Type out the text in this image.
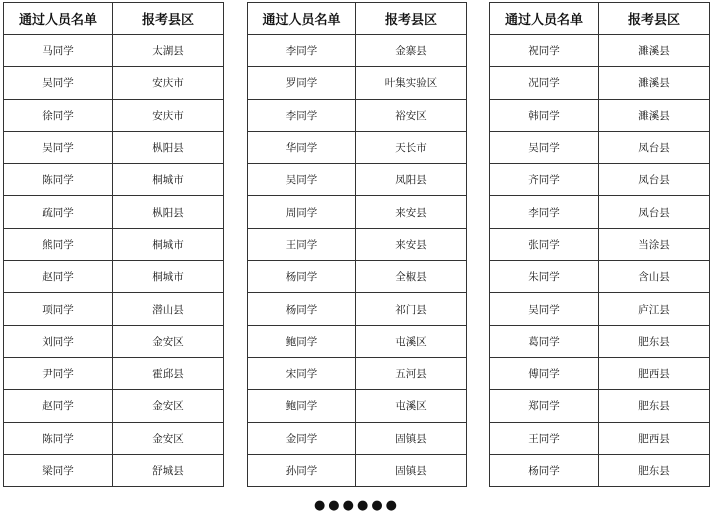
通过人员名单	报考县区
马同学	太湖县
吴同学	安庆市
徐同学	安庆市
吴同学	枞阳县
陈同学	桐城市
疏同学	枞阳县
熊同学	桐城市
赵同学	桐城市
项同学	潜山县
刘同学	金安区
尹同学	霍邱县
赵同学	金安区
陈同学	金安区
梁同学	舒城县
通过人员名单	报考县区
李同学	金寨县
罗同学	叶集实验区
李同学	裕安区
华同学	天长市
吴同学	凤阳县
周同学	来安县
王同学	来安县
杨同学	全椒县
杨同学	祁门县
鲍同学	屯溪区
宋同学	五河县
鲍同学	屯溪区
金同学	固镇县
孙同学	固镇县
通过人员名单	报考县区
祝同学	濉溪县
况同学	濉溪县
韩同学	濉溪县
吴同学	凤台县
齐同学	凤台县
李同学	凤台县
张同学	当涂县
朱同学	含山县
吴同学	庐江县
葛同学	肥东县
傅同学	肥西县
郑同学	肥东县
王同学	肥西县
杨同学	肥东县
●●●●●●
